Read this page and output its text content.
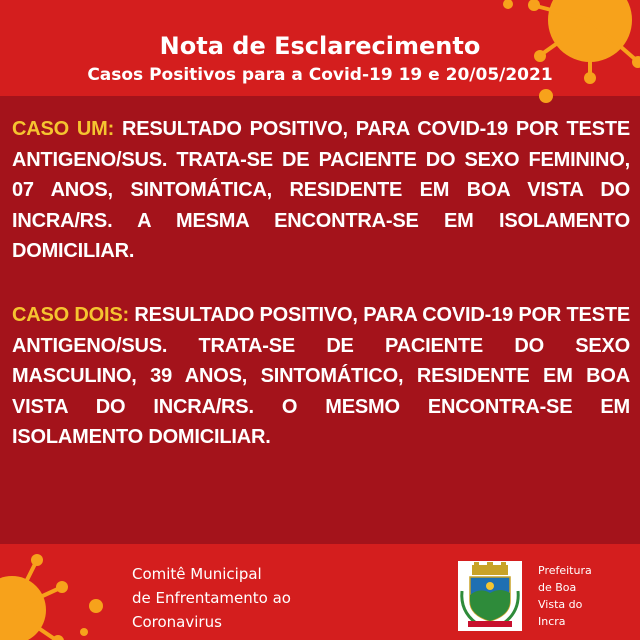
Nota de Esclarecimento
Casos Positivos para a Covid-19 19 e 20/05/2021
CASO UM: RESULTADO POSITIVO, PARA COVID-19 POR TESTE ANTIGENO/SUS. TRATA-SE DE PACIENTE DO SEXO FEMININO, 07 ANOS, SINTOMÁTICA, RESIDENTE EM BOA VISTA DO INCRA/RS. A MESMA ENCONTRA-SE EM ISOLAMENTO DOMICILIAR.
CASO DOIS: RESULTADO POSITIVO, PARA COVID-19 POR TESTE ANTIGENO/SUS. TRATA-SE DE PACIENTE DO SEXO MASCULINO, 39 ANOS, SINTOMÁTICO, RESIDENTE EM BOA VISTA DO INCRA/RS. O MESMO ENCONTRA-SE EM ISOLAMENTO DOMICILIAR.
Comitê Municipal
de Enfrentamento ao
Coronavirus
Prefeitura
de Boa
Vista do
Incra
